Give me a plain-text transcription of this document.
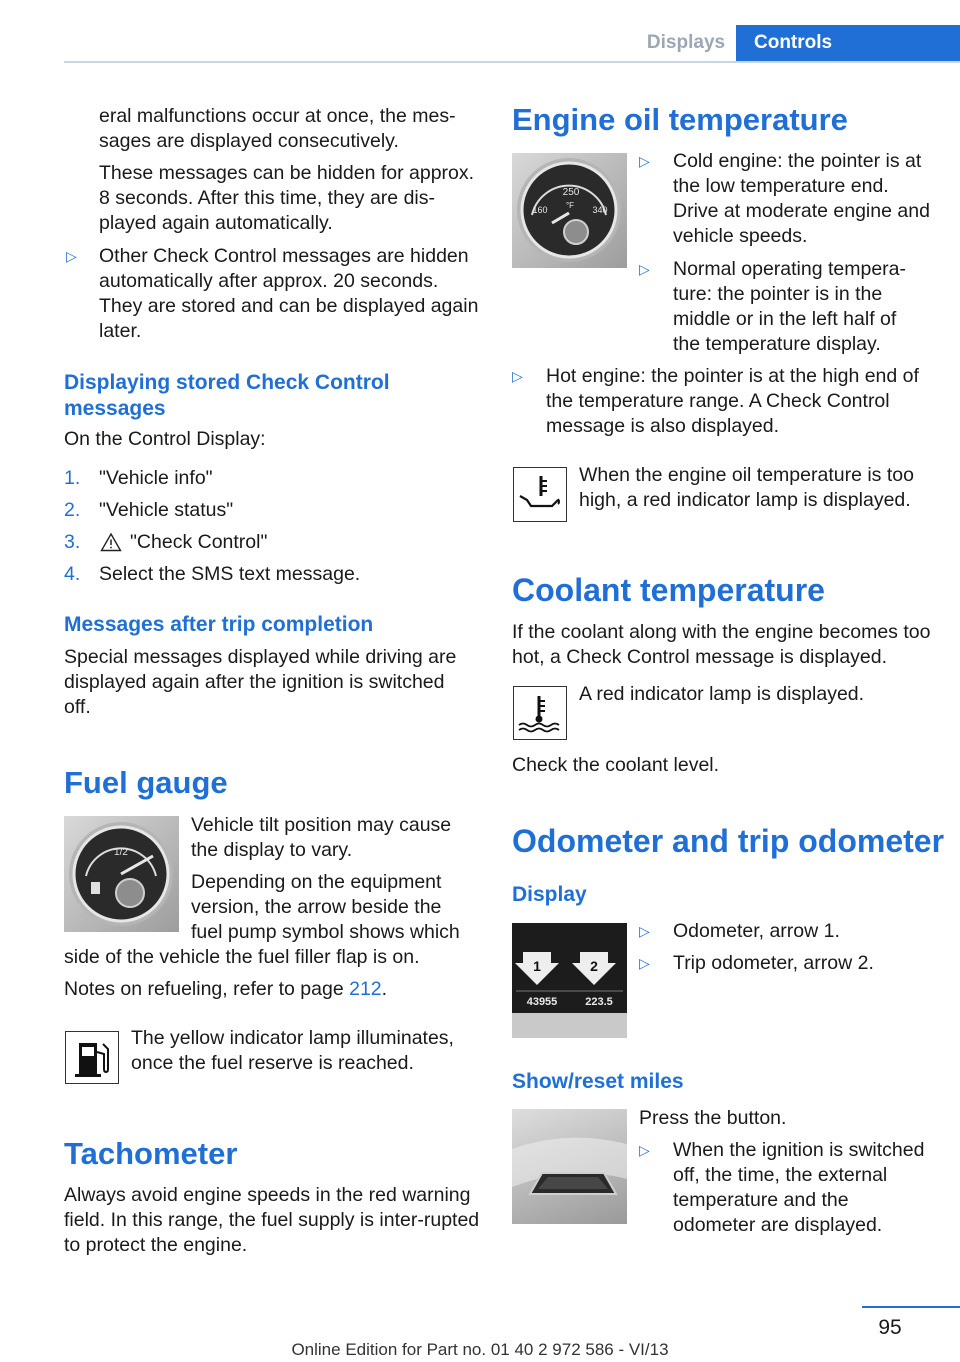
Displays	Controls
eral malfunctions occur at once, the mes-sages are displayed consecutively.
These messages can be hidden for approx. 8 seconds. After this time, they are dis-played again automatically.
▷ Other Check Control messages are hidden automatically after approx. 20 seconds. They are stored and can be displayed again later.
Displaying stored Check Control messages
On the Control Display:
1. "Vehicle info"
2. "Vehicle status"
3.	"Check Control"
4. Select the SMS text message.
Messages after trip completion
Special messages displayed while driving are displayed again after the ignition is switched off.
Fuel gauge
1/2
Vehicle tilt position may cause the display to vary.
Depending on the equipment version, the arrow beside the fuel pump symbol shows which
side of the vehicle the fuel filler flap is on.
Notes on refueling, refer to page 212.
The yellow indicator lamp illuminates, once the fuel reserve is reached.
Tachometer
Always avoid engine speeds in the red warning field. In this range, the fuel supply is inter-rupted to protect the engine.
Engine oil temperature
250
°F
160	340
▷ Cold engine: the pointer is at the low temperature end. Drive at moderate engine and vehicle speeds.
▷ Normal operating tempera-ture: the pointer is in the middle or in the left half of the temperature display.
▷ Hot engine: the pointer is at the high end of the temperature range. A Check Control message is also displayed.
When the engine oil temperature is too high, a red indicator lamp is displayed.
Coolant temperature
If the coolant along with the engine becomes too hot, a Check Control message is displayed.
A red indicator lamp is displayed.
Check the coolant level.
Odometer and trip odometer
Display
1	2
43955	223.5
▷ Odometer, arrow 1.
▷ Trip odometer, arrow 2.
Show/reset miles
Press the button.
▷ When the ignition is switched off, the time, the external temperature and the odometer are displayed.
95
Online Edition for Part no. 01 40 2 972 586 - VI/13
